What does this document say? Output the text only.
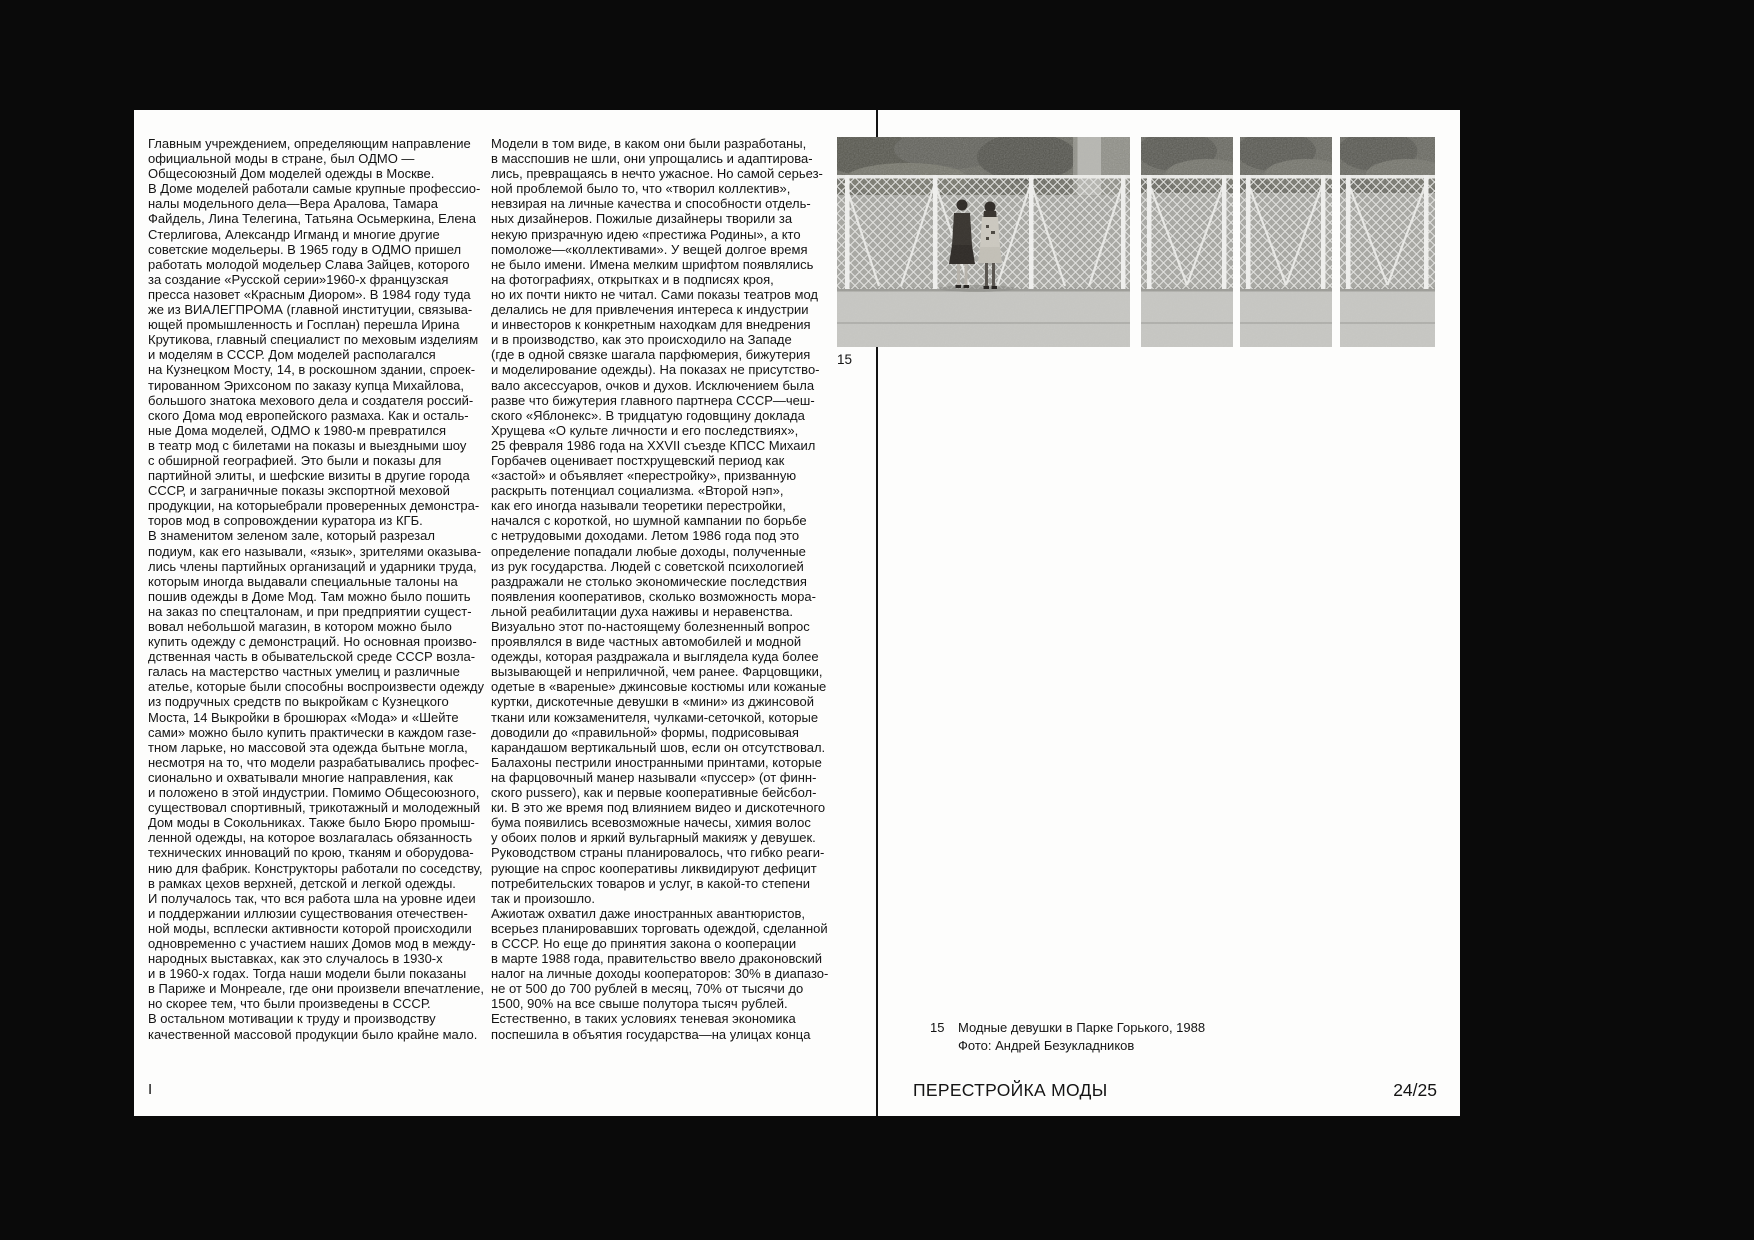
Главным учреждением, определяющим направление
официальной моды в стране, был ОДМО —
Общесоюзный Дом моделей одежды в Москве.
В Доме моделей работали самые крупные профессио-
налы модельного дела—Вера Аралова, Тамара
Файдель, Лина Телегина, Татьяна Осьмеркина, Елена
Стерлигова, Александр Игманд и многие другие
советские модельеры. В 1965 году в ОДМО пришел
работать молодой модельер Слава Зайцев, которого
за создание «Русской серии»1960-х французская
пресса назовет «Красным Диором». В 1984 году туда
же из ВИАЛЕГПРОМА (главной институции, связыва-
ющей промышленность и Госплан) перешла Ирина
Крутикова, главный специалист по меховым изделиям
и моделям в СССР. Дом моделей располагался
на Кузнецком Мосту, 14, в роскошном здании, спроек-
тированном Эрихсоном по заказу купца Михайлова,
большого знатока мехового дела и создателя россий-
ского Дома мод европейского размаха. Как и осталь-
ные Дома моделей, ОДМО к 1980-м превратился
в театр мод с билетами на показы и выездными шоу
с обширной географией. Это были и показы для
партийной элиты, и шефские визиты в другие города
СССР, и заграничные показы экспортной меховой
продукции, на которыебрали проверенных демонстра-
торов мод в сопровождении куратора из КГБ.
В знаменитом зеленом зале, который разрезал
подиум, как его называли, «язык», зрителями оказыва-
лись члены партийных организаций и ударники труда,
которым иногда выдавали специальные талоны на
пошив одежды в Доме Мод. Там можно было пошить
на заказ по спецталонам, и при предприятии сущест-
вовал небольшой магазин, в котором можно было
купить одежду с демонстраций. Но основная произво-
дственная часть в обывательской среде СССР возла-
галась на мастерство частных умелиц и различные
ателье, которые были способны воспроизвести одежду
из подручных средств по выкройкам с Кузнецкого
Моста, 14 Выкройки в брошюрах «Мода» и «Шейте
сами» можно было купить практически в каждом газе-
тном ларьке, но массовой эта одежда бытьне могла,
несмотря на то, что модели разрабатывались профес-
сионально и охватывали многие направления, как
и положено в этой индустрии. Помимо Общесоюзного,
существовал спортивный, трикотажный и молодежный
Дом моды в Сокольниках. Также было Бюро промыш-
ленной одежды, на которое возлагалась обязанность
технических инноваций по крою, тканям и оборудова-
нию для фабрик. Конструкторы работали по соседству,
в рамках цехов верхней, детской и легкой одежды.
И получалось так, что вся работа шла на уровне идеи
и поддержании иллюзии существования отечествен-
ной моды, всплески активности которой происходили
одновременно с участием наших Домов мод в между-
народных выставках, как это случалось в 1930-х
и в 1960-х годах. Тогда наши модели были показаны
в Париже и Монреале, где они произвели впечатление,
но скорее тем, что были произведены в СССР.
В остальном мотивации к труду и производству
качественной массовой продукции было крайне мало.
Модели в том виде, в каком они были разработаны,
в масспошив не шли, они упрощались и адаптирова-
лись, превращаясь в нечто ужасное. Но самой серьез-
ной проблемой было то, что «творил коллектив»,
невзирая на личные качества и способности отдель-
ных дизайнеров. Пожилые дизайнеры творили за
некую призрачную идею «престижа Родины», а кто
помоложе—«коллективами». У вещей долгое время
не было имени. Имена мелким шрифтом появлялись
на фотографиях, открытках и в подписях кроя,
но их почти никто не читал. Сами показы театров мод
делались не для привлечения интереса к индустрии
и инвесторов к конкретным находкам для внедрения
и в производство, как это происходило на Западе
(где в одной связке шагала парфюмерия, бижутерия
и моделирование одежды). На показах не присутство-
вало аксессуаров, очков и духов. Исключением была
разве что бижутерия главного партнера СССР—чеш-
ского «Яблонекс». В тридцатую годовщину доклада
Хрущева «О культе личности и его последствиях»,
25 февраля 1986 года на XXVII съезде КПСС Михаил
Горбачев оценивает постхрущевский период как
«застой» и объявляет «перестройку», призванную
раскрыть потенциал социализма. «Второй нэп»,
как его иногда называли теоретики перестройки,
начался с короткой, но шумной кампании по борьбе
с нетрудовыми доходами. Летом 1986 года под это
определение попадали любые доходы, полученные
из рук государства. Людей с советской психологией
раздражали не столько экономические последствия
появления кооперативов, сколько возможность мора-
льной реабилитации духа наживы и неравенства.
Визуально этот по-настоящему болезненный вопрос
проявлялся в виде частных автомобилей и модной
одежды, которая раздражала и выглядела куда более
вызывающей и неприличной, чем ранее. Фарцовщики,
одетые в «вареные» джинсовые костюмы или кожаные
куртки, дискотечные девушки в «мини» из джинсовой
ткани или кожзаменителя, чулками-сеточкой, которые
доводили до «правильной» формы, подрисовывая
карандашом вертикальный шов, если он отсутствовал.
Балахоны пестрили иностранными принтами, которые
на фарцовочный манер называли «пуссер» (от финн-
ского pussero), как и первые кооперативные бейсбол-
ки. В это же время под влиянием видео и дискотечного
бума появились всевозможные начесы, химия волос
у обоих полов и яркий вульгарный макияж у девушек.
Руководством страны планировалось, что гибко реаги-
рующие на спрос кооперативы ликвидируют дефицит
потребительских товаров и услуг, в какой-то степени
так и произошло.
Ажиотаж охватил даже иностранных авантюристов,
всерьез планировавших торговать одеждой, сделанной
в СССР. Но еще до принятия закона о кооперации
в марте 1988 года, правительство ввело драконовский
налог на личные доходы кооператоров: 30% в диапазо-
не от 500 до 700 рублей в месяц, 70% от тысячи до
1500, 90% на все свыше полутора тысяч рублей.
Естественно, в таких условиях теневая экономика
поспешила в объятия государства—на улицах конца
15
15 Модные девушки в Парке Горького, 1988
Фото: Андрей Безукладников
I	ПЕРЕСТРОЙКА МОДЫ	24/25
